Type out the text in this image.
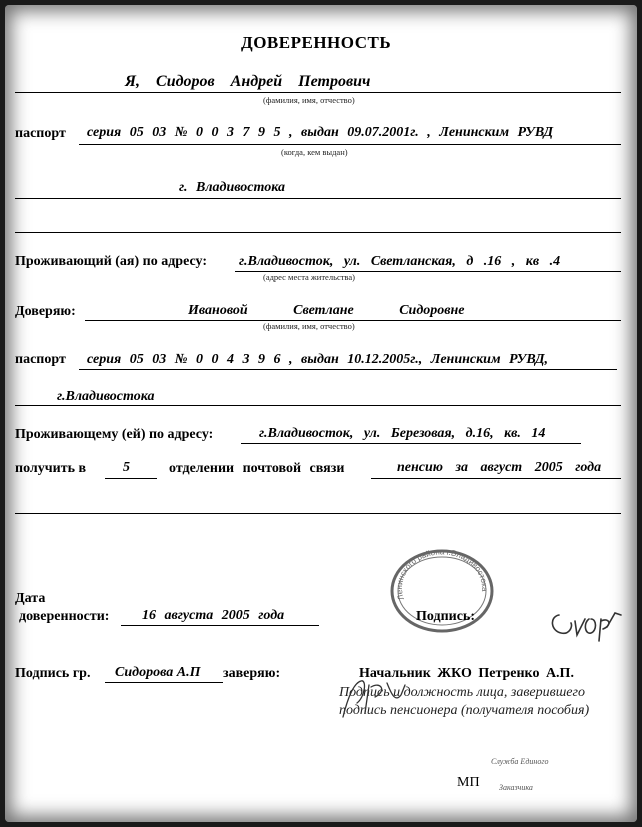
ДОВЕРЕННОСТЬ
Я, Сидоров Андрей Петрович
(фамилия, имя, отчество)
паспорт серия 05 03 № 0 0 3 7 9 5 , выдан 09.07.2001г. , Ленинским РУВД
(когда, кем выдан)
г. Владивостока
Проживающий (ая) по адресу: г.Владивосток, ул. Светланская, д .16 , кв .4
(адрес места жительства)
Доверяю:	Ивановой Светлане Сидоровне
(фамилия, имя, отчество)
паспорт серия 05 03 № 0 0 4 3 9 6 , выдан 10.12.2005г., Ленинским РУВД,
г.Владивостока
Проживающему (ей) по адресу:	г.Владивосток, ул. Березовая, д.16, кв. 14
получить в	5	отделении почтовой связи	пенсию за август 2005 года
Дата
доверенности: 16 августа 2005 года
Ленинского района г.Владивостока
Подпись:
Подпись гр. Сидорова А.П заверяю:	Начальник ЖКО Петренко А.П.
Подпись и должность лица, заверившего
подпись пенсионера (получателя пособия)
МП
Служба Единого
Заказчика
